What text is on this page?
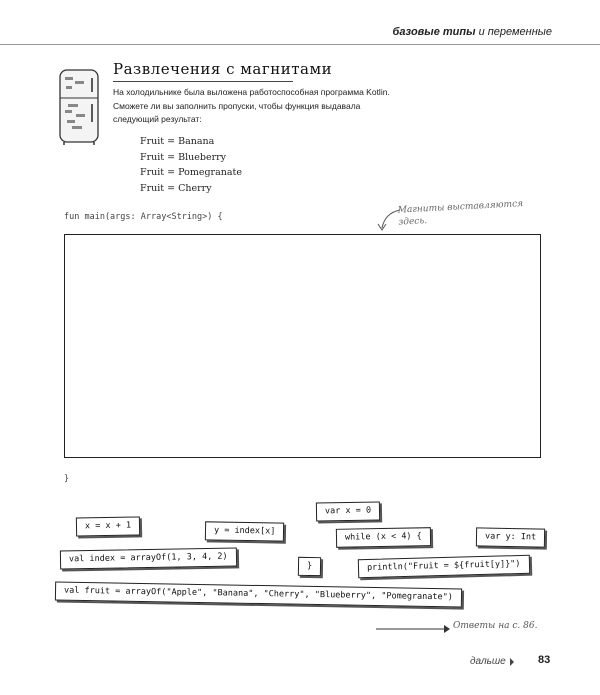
базовые типы и переменные
Развлечения с магнитами
На холодильнике была выложена работоспособная программа Kotlin. Сможете ли вы заполнить пропуски, чтобы функция выдавала следующий результат:
Fruit = Banana
Fruit = Blueberry
Fruit = Pomegranate
Fruit = Cherry
fun main(args: Array<String>) {
Магниты выставляются здесь.
}
var x = 0
x = x + 1	y = index[x]
while (x < 4) {	var y: Int
val index = arrayOf(1, 3, 4, 2)
}	println("Fruit = ${fruit[y]}")
val fruit = arrayOf("Apple", "Banana", "Cherry", "Blueberry", "Pomegranate")
Ответы на с. 86.
дальше	83
